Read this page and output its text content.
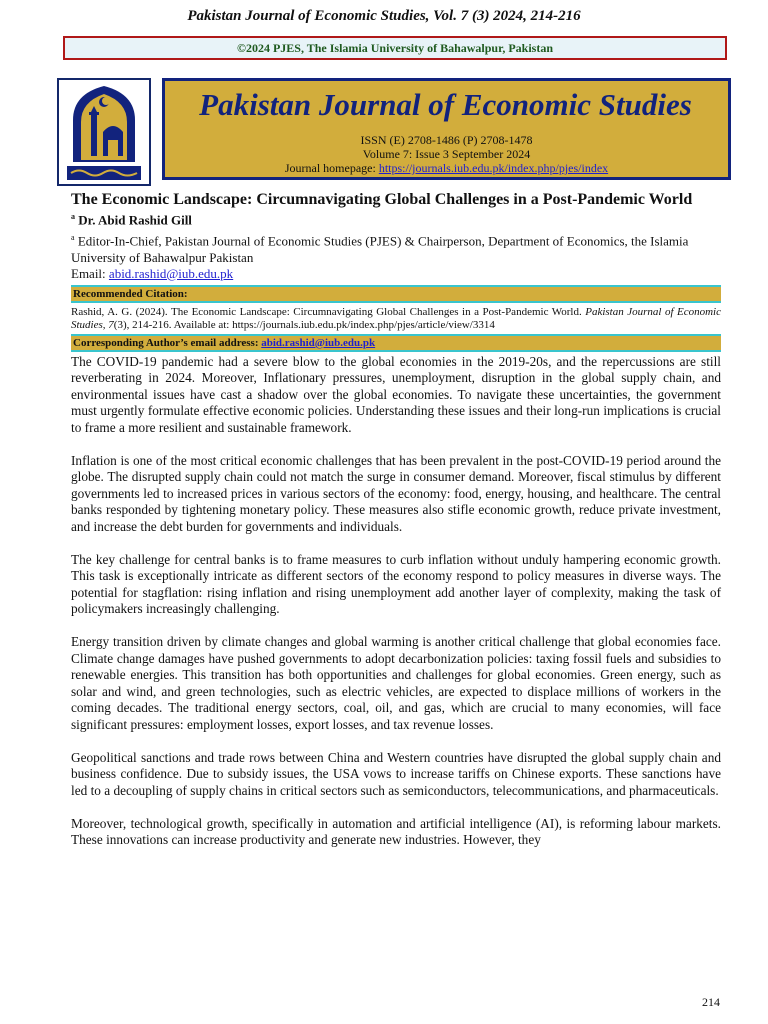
Pakistan Journal of Economic Studies, Vol. 7 (3) 2024, 214-216
©2024 PJES, The Islamia University of Bahawalpur, Pakistan
Pakistan Journal of Economic Studies
ISSN (E) 2708-1486 (P) 2708-1478
Volume 7: Issue 3 September 2024
Journal homepage: https://journals.iub.edu.pk/index.php/pjes/index
The Economic Landscape: Circumnavigating Global Challenges in a Post-Pandemic World
$^a$ Dr. Abid Rashid Gill
$^a$ Editor-In-Chief, Pakistan Journal of Economic Studies (PJES) & Chairperson, Department of Economics, the Islamia University of Bahawalpur Pakistan
Email: abid.rashid@iub.edu.pk
Recommended Citation:
Rashid, A. G. (2024). The Economic Landscape: Circumnavigating Global Challenges in a Post-Pandemic World. Pakistan Journal of Economic Studies, 7(3), 214-216. Available at: https://journals.iub.edu.pk/index.php/pjes/article/view/3314
Corresponding Author’s email address: abid.rashid@iub.edu.pk

The COVID-19 pandemic had a severe blow to the global economies in the 2019-20s, and the repercussions are still reverberating in 2024. Moreover, Inflationary pressures, unemployment, disruption in the global supply chain, and environmental issues have cast a shadow over the global economies. To navigate these uncertainties, the government must urgently formulate effective economic policies. Understanding these issues and their long-run implications is crucial to frame a more resilient and sustainable framework.

Inflation is one of the most critical economic challenges that has been prevalent in the post-COVID-19 period around the globe. The disrupted supply chain could not match the surge in consumer demand. Moreover, fiscal stimulus by different governments led to increased prices in various sectors of the economy: food, energy, housing, and healthcare. The central banks responded by tightening monetary policy. These measures also stifle economic growth, reduce private investment, and increase the debt burden for governments and individuals.

The key challenge for central banks is to frame measures to curb inflation without unduly hampering economic growth. This task is exceptionally intricate as different sectors of the economy respond to policy measures in diverse ways. The potential for stagflation: rising inflation and rising unemployment add another layer of complexity, making the task of policymakers increasingly challenging.

Energy transition driven by climate changes and global warming is another critical challenge that global economies face. Climate change damages have pushed governments to adopt decarbonization policies: taxing fossil fuels and subsidies to renewable energies. This transition has both opportunities and challenges for global economies. Green energy, such as solar and wind, and green technologies, such as electric vehicles, are expected to displace millions of workers in the coming decades. The traditional energy sectors, coal, oil, and gas, which are crucial to many economies, will face significant pressures: employment losses, export losses, and tax revenue losses.

Geopolitical sanctions and trade rows between China and Western countries have disrupted the global supply chain and business confidence. Due to subsidy issues, the USA vows to increase tariffs on Chinese exports. These sanctions have led to a decoupling of supply chains in critical sectors such as semiconductors, telecommunications, and pharmaceuticals.

Moreover, technological growth, specifically in automation and artificial intelligence (AI), is reforming labour markets. These innovations can increase productivity and generate new industries. However, they

214
